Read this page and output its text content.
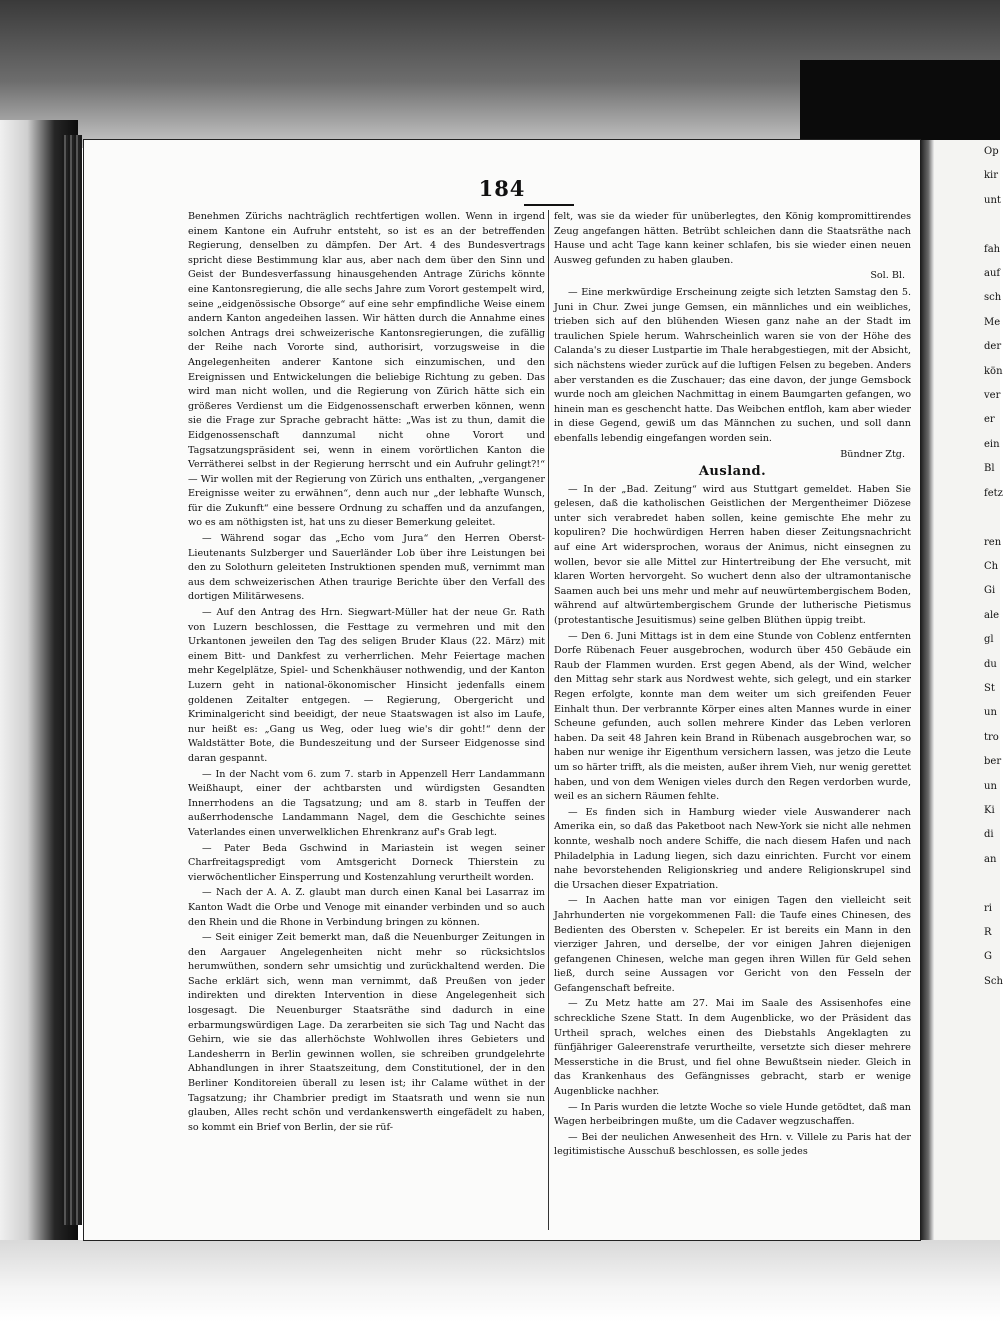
184

Benehmen Zürichs nachträglich rechtfertigen wollen. Wenn in irgend einem Kantone ein Aufruhr entsteht, so ist es an der betreffenden Regierung, denselben zu dämpfen. Der Art. 4 des Bundesvertrags spricht diese Bestimmung klar aus, aber nach dem über den Sinn und Geist der Bundesverfassung hinausgehenden Antrage Zürichs könnte eine Kantonsregierung, die alle sechs Jahre zum Vorort gestempelt wird, seine „eidgenössische Obsorge“ auf eine sehr empfindliche Weise einem andern Kanton angedeihen lassen. Wir hätten durch die Annahme eines solchen Antrags drei schweizerische Kantonsregierungen, die zufällig der Reihe nach Vororte sind, authorisirt, vorzugsweise in die Angelegenheiten anderer Kantone sich einzumischen, und den Ereignissen und Entwickelungen die beliebige Richtung zu geben. Das wird man nicht wollen, und die Regierung von Zürich hätte sich ein größeres Verdienst um die Eidgenossenschaft erwerben können, wenn sie die Frage zur Sprache gebracht hätte: „Was ist zu thun, damit die Eidgenossenschaft dannzumal nicht ohne Vorort und Tagsatzungspräsident sei, wenn in einem vorörtlichen Kanton die Verrätherei selbst in der Regierung herrscht und ein Aufruhr gelingt?!“ — Wir wollen mit der Regierung von Zürich uns enthalten, „vergangener Ereignisse weiter zu erwähnen“, denn auch nur „der lebhafte Wunsch, für die Zukunft“ eine bessere Ordnung zu schaffen und da anzufangen, wo es am nöthigsten ist, hat uns zu dieser Bemerkung geleitet.

— Während sogar das „Echo vom Jura“ den Herren Oberst-Lieutenants Sulzberger und Sauerländer Lob über ihre Leistungen bei den zu Solothurn geleiteten Instruktionen spenden muß, vernimmt man aus dem schweizerischen Athen traurige Berichte über den Verfall des dortigen Militärwesens.

— Auf den Antrag des Hrn. Siegwart-Müller hat der neue Gr. Rath von Luzern beschlossen, die Festtage zu vermehren und mit den Urkantonen jeweilen den Tag des seligen Bruder Klaus (22. März) mit einem Bitt- und Dankfest zu verherrlichen. Mehr Feiertage machen mehr Kegelplätze, Spiel- und Schenkhäuser nothwendig, und der Kanton Luzern geht in national-ökonomischer Hinsicht jedenfalls einem goldenen Zeitalter entgegen. — Regierung, Obergericht und Kriminalgericht sind beeidigt, der neue Staatswagen ist also im Laufe, nur heißt es: „Gang us Weg, oder lueg wie's dir goht!“ denn der Waldstätter Bote, die Bundeszeitung und der Surseer Eidgenosse sind daran gespannt.

— In der Nacht vom 6. zum 7. starb in Appenzell Herr Landammann Weißhaupt, einer der achtbarsten und würdigsten Gesandten Innerrhodens an die Tagsatzung; und am 8. starb in Teuffen der außerrhodensche Landammann Nagel, dem die Geschichte seines Vaterlandes einen unverwelklichen Ehrenkranz auf's Grab legt.

— Pater Beda Gschwind in Mariastein ist wegen seiner Charfreitagspredigt vom Amtsgericht Dorneck Thierstein zu vierwöchentlicher Einsperrung und Kostenzahlung verurtheilt worden.

— Nach der A. A. Z. glaubt man durch einen Kanal bei Lasarraz im Kanton Wadt die Orbe und Venoge mit einander verbinden und so auch den Rhein und die Rhone in Verbindung bringen zu können.

— Seit einiger Zeit bemerkt man, daß die Neuenburger Zeitungen in den Aargauer Angelegenheiten nicht mehr so rücksichtslos herumwüthen, sondern sehr umsichtig und zurückhaltend werden. Die Sache erklärt sich, wenn man vernimmt, daß Preußen von jeder indirekten und direkten Intervention in diese Angelegenheit sich losgesagt. Die Neuenburger Staatsräthe sind dadurch in eine erbarmungswürdigen Lage. Da zerarbeiten sie sich Tag und Nacht das Gehirn, wie sie das allerhöchste Wohlwollen ihres Gebieters und Landesherrn in Berlin gewinnen wollen, sie schreiben grundgelehrte Abhandlungen in ihrer Staatszeitung, dem Constitutionel, der in den Berliner Konditoreien überall zu lesen ist; ihr Calame wüthet in der Tagsatzung; ihr Chambrier predigt im Staatsrath und wenn sie nun glauben, Alles recht schön und verdankenswerth eingefädelt zu haben, so kommt ein Brief von Berlin, der sie rüf-

felt, was sie da wieder für unüberlegtes, den König kompromittirendes Zeug angefangen hätten. Betrübt schleichen dann die Staatsräthe nach Hause und acht Tage kann keiner schlafen, bis sie wieder einen neuen Ausweg gefunden zu haben glauben.

Sol. Bl.

— Eine merkwürdige Erscheinung zeigte sich letzten Samstag den 5. Juni in Chur. Zwei junge Gemsen, ein männliches und ein weibliches, trieben sich auf den blühenden Wiesen ganz nahe an der Stadt im traulichen Spiele herum. Wahrscheinlich waren sie von der Höhe des Calanda's zu dieser Lustpartie im Thale herabgestiegen, mit der Absicht, sich nächstens wieder zurück auf die luftigen Felsen zu begeben. Anders aber verstanden es die Zuschauer; das eine davon, der junge Gemsbock wurde noch am gleichen Nachmittag in einem Baumgarten gefangen, wo hinein man es geschencht hatte. Das Weibchen entfloh, kam aber wieder in diese Gegend, gewiß um das Männchen zu suchen, und soll dann ebenfalls lebendig eingefangen worden sein.

Bündner Ztg.
Ausland.

— In der „Bad. Zeitung“ wird aus Stuttgart gemeldet. Haben Sie gelesen, daß die katholischen Geistlichen der Mergentheimer Diözese unter sich verabredet haben sollen, keine gemischte Ehe mehr zu kopuliren? Die hochwürdigen Herren haben dieser Zeitungsnachricht auf eine Art widersprochen, woraus der Animus, nicht einsegnen zu wollen, bevor sie alle Mittel zur Hintertreibung der Ehe versucht, mit klaren Worten hervorgeht. So wuchert denn also der ultramontanische Saamen auch bei uns mehr und mehr auf neuwürtembergischem Boden, während auf altwürtembergischem Grunde der lutherische Pietismus (protestantische Jesuitismus) seine gelben Blüthen üppig treibt.

— Den 6. Juni Mittags ist in dem eine Stunde von Coblenz entfernten Dorfe Rübenach Feuer ausgebrochen, wodurch über 450 Gebäude ein Raub der Flammen wurden. Erst gegen Abend, als der Wind, welcher den Mittag sehr stark aus Nordwest wehte, sich gelegt, und ein starker Regen erfolgte, konnte man dem weiter um sich greifenden Feuer Einhalt thun. Der verbrannte Körper eines alten Mannes wurde in einer Scheune gefunden, auch sollen mehrere Kinder das Leben verloren haben. Da seit 48 Jahren kein Brand in Rübenach ausgebrochen war, so haben nur wenige ihr Eigenthum versichern lassen, was jetzo die Leute um so härter trifft, als die meisten, außer ihrem Vieh, nur wenig gerettet haben, und von dem Wenigen vieles durch den Regen verdorben wurde, weil es an sichern Räumen fehlte.

— Es finden sich in Hamburg wieder viele Auswanderer nach Amerika ein, so daß das Paketboot nach New-York sie nicht alle nehmen konnte, weshalb noch andere Schiffe, die nach diesem Hafen und nach Philadelphia in Ladung liegen, sich dazu einrichten. Furcht vor einem nahe bevorstehenden Religionskrieg und andere Religionskrupel sind die Ursachen dieser Expatriation.

— In Aachen hatte man vor einigen Tagen den vielleicht seit Jahrhunderten nie vorgekommenen Fall: die Taufe eines Chinesen, des Bedienten des Obersten v. Schepeler. Er ist bereits ein Mann in den vierziger Jahren, und derselbe, der vor einigen Jahren diejenigen gefangenen Chinesen, welche man gegen ihren Willen für Geld sehen ließ, durch seine Aussagen vor Gericht von den Fesseln der Gefangenschaft befreite.

— Zu Metz hatte am 27. Mai im Saale des Assisenhofes eine schreckliche Szene Statt. In dem Augenblicke, wo der Präsident das Urtheil sprach, welches einen des Diebstahls Angeklagten zu fünfjähriger Galeerenstrafe verurtheilte, versetzte sich dieser mehrere Messerstiche in die Brust, und fiel ohne Bewußtsein nieder. Gleich in das Krankenhaus des Gefängnisses gebracht, starb er wenige Augenblicke nachher.

— In Paris wurden die letzte Woche so viele Hunde getödtet, daß man Wagen herbeibringen mußte, um die Cadaver wegzuschaffen.

— Bei der neulichen Anwesenheit des Hrn. v. Villele zu Paris hat der legitimistische Ausschuß beschlossen, es solle jedes

Op
kir
unt

fah
auf
sch
Me
der
kön
ver
er
ein
Bl
fetz

ren
Ch
Gi
ale
gl
du
St
un
tro
ber
un
Ki
di
an

ri
R
G
Sch
